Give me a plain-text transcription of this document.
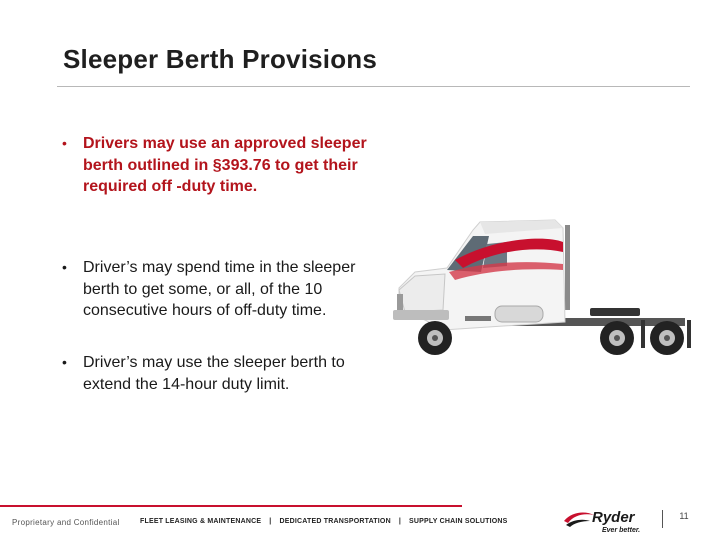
Sleeper Berth Provisions
• Drivers may use an approved sleeper berth outlined in §393.76 to get their required off -duty time.
• Driver’s may spend time in the sleeper berth to get some, or all, of the 10 consecutive hours of off-duty time.
• Driver’s may use the sleeper berth to extend the 14-hour duty limit.
Proprietary and Confidential	FLEET LEASING & MAINTENANCE | DEDICATED TRANSPORTATION | SUPPLY CHAIN SOLUTIONS	Ryder
Ever better.
11
